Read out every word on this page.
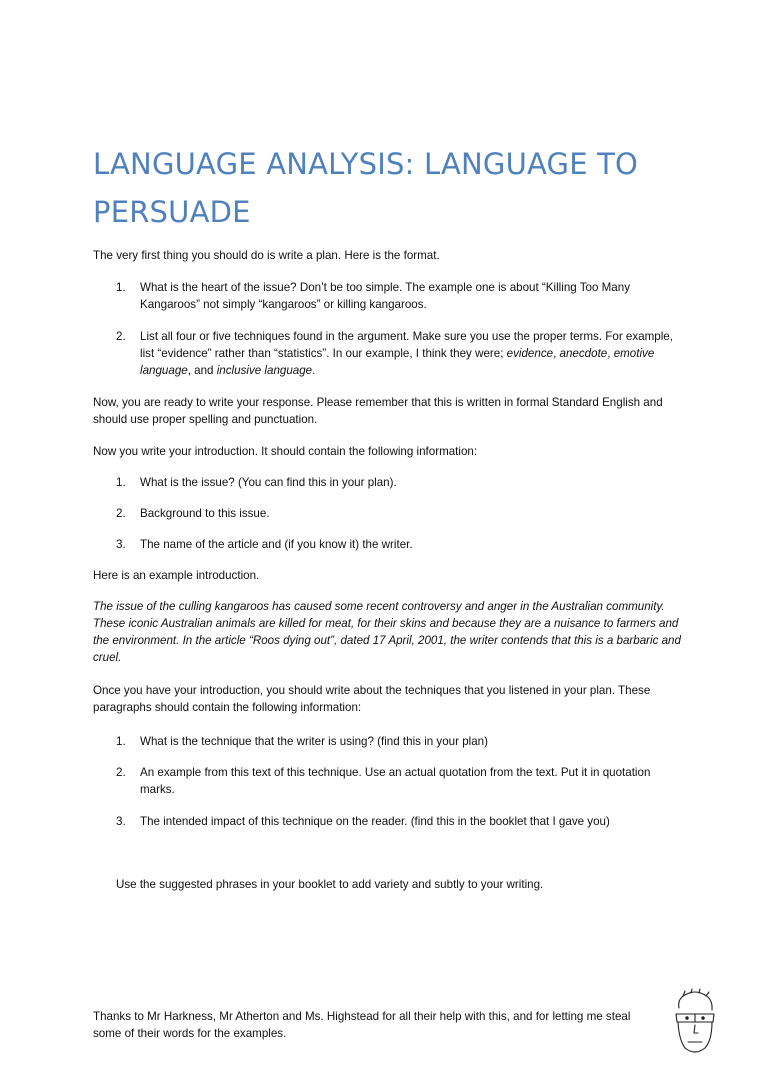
LANGUAGE ANALYSIS: LANGUAGE TO PERSUADE

The very first thing you should do is write a plan. Here is the format.

1.	What is the heart of the issue? Don’t be too simple. The example one is about “Killing Too Many Kangaroos” not simply “kangaroos” or killing kangaroos.
2.	List all four or five techniques found in the argument. Make sure you use the proper terms. For example, list “evidence” rather than “statistics”. In our example, I think they were; evidence, anecdote, emotive language, and inclusive language.

Now, you are ready to write your response. Please remember that this is written in formal Standard English and should use proper spelling and punctuation.

Now you write your introduction. It should contain the following information:

1.	What is the issue? (You can find this in your plan).
2.	Background to this issue.
3.	The name of the article and (if you know it) the writer.

Here is an example introduction.

The issue of the culling kangaroos has caused some recent controversy and anger in the Australian community. These iconic Australian animals are killed for meat, for their skins and because they are a nuisance to farmers and the environment. In the article “Roos dying out”, dated 17 April, 2001, the writer contends that this is a barbaric and cruel.

Once you have your introduction, you should write about the techniques that you listened in your plan. These paragraphs should contain the following information:

1.	What is the technique that the writer is using? (find this in your plan)
2.	An example from this text of this technique. Use an actual quotation from the text. Put it in quotation marks.
3.	The intended impact of this technique on the reader. (find this in the booklet that I gave you)

Use the suggested phrases in your booklet to add variety and subtly to your writing.

Thanks to Mr Harkness, Mr Atherton and Ms. Highstead for all their help with this, and for letting me steal some of their words for the examples.
